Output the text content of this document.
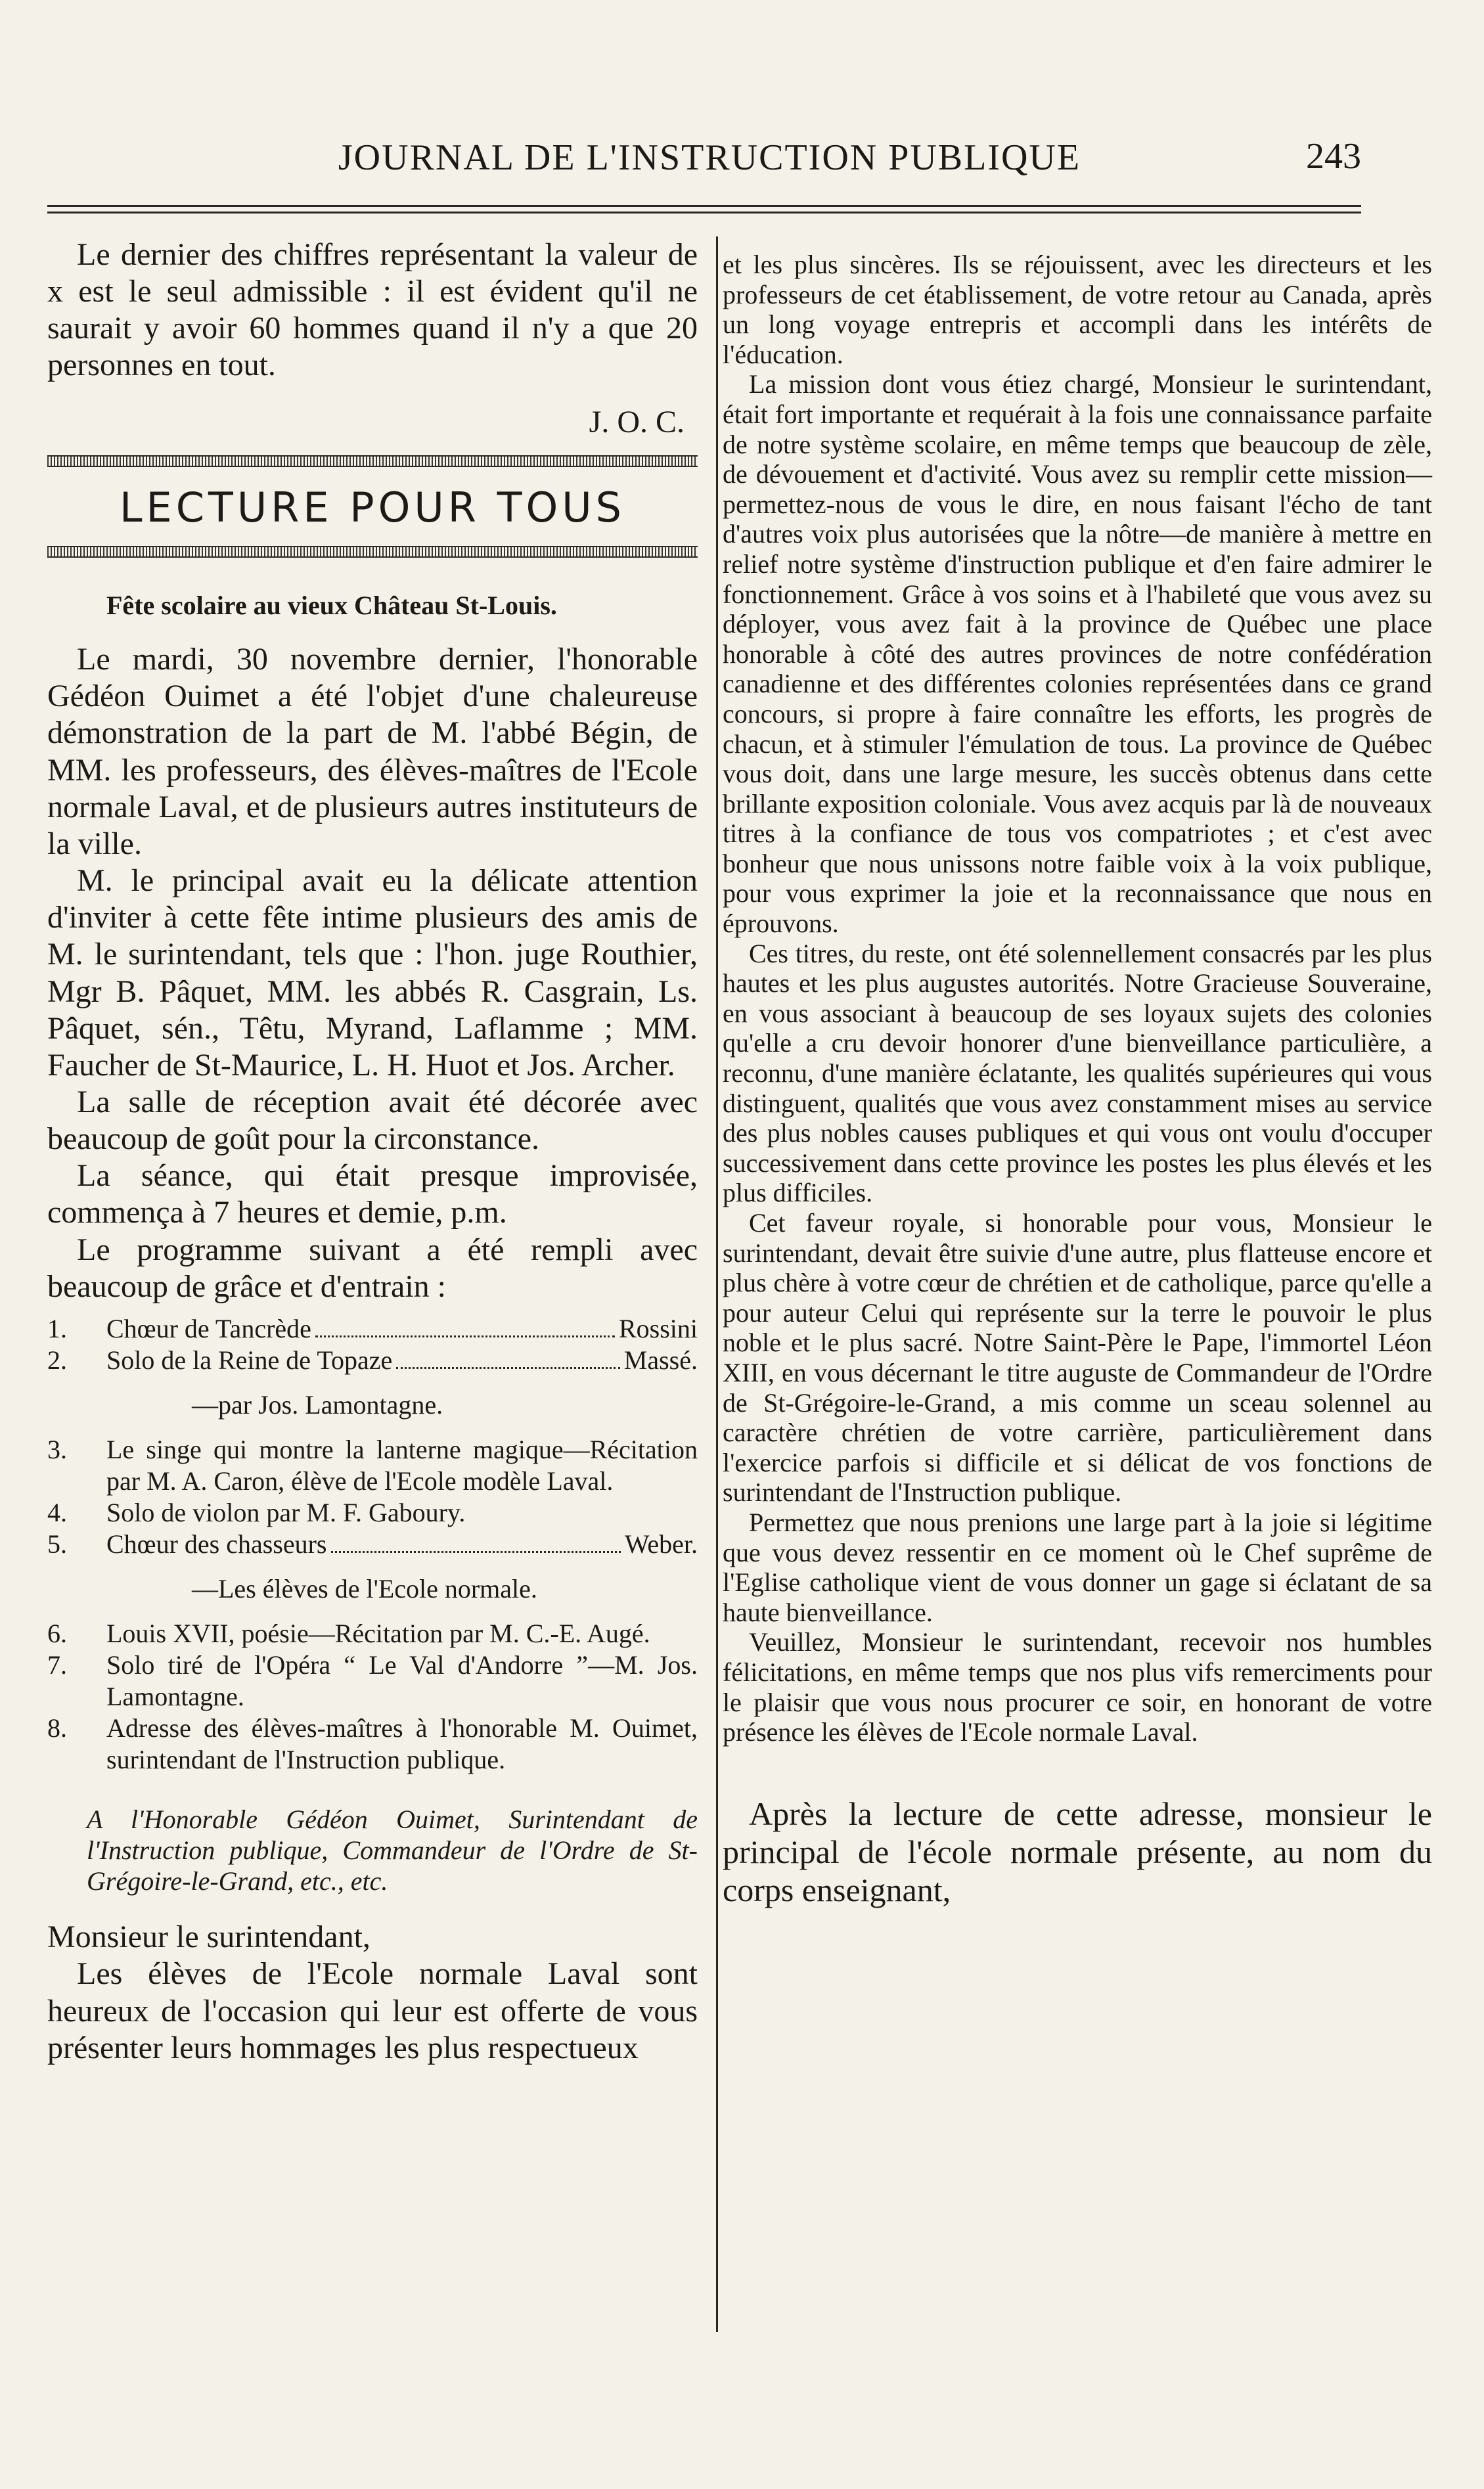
JOURNAL DE L'INSTRUCTION PUBLIQUE	243

Le dernier des chiffres représentant la valeur de x est le seul admissible : il est évident qu'il ne saurait y avoir 60 hommes quand il n'y a que 20 personnes en tout.

J. O. C.

LECTURE POUR TOUS
Fête scolaire au vieux Château St-Louis.

Le mardi, 30 novembre dernier, l'honorable Gédéon Ouimet a été l'objet d'une chaleureuse démonstration de la part de M. l'abbé Bégin, de MM. les professeurs, des élèves-maîtres de l'Ecole normale Laval, et de plusieurs autres instituteurs de la ville.

M. le principal avait eu la délicate attention d'inviter à cette fête intime plusieurs des amis de M. le surintendant, tels que : l'hon. juge Routhier, Mgr B. Pâquet, MM. les abbés R. Casgrain, Ls. Pâquet, sén., Têtu, Myrand, Laflamme ; MM. Faucher de St-Maurice, L. H. Huot et Jos. Archer.

La salle de réception avait été décorée avec beaucoup de goût pour la circonstance.

La séance, qui était presque improvisée, commença à 7 heures et demie, p.m.

Le programme suivant a été rempli avec beaucoup de grâce et d'entrain :

1. Chœur de Tancrède	Rossini
2. Solo de la Reine de Topaze	Massé.
—par Jos. Lamontagne.
3. Le singe qui montre la lanterne magique—Récitation par M. A. Caron, élève de l'Ecole modèle Laval.
4. Solo de violon par M. F. Gaboury.
5. Chœur des chasseurs	Weber.
—Les élèves de l'Ecole normale.
6. Louis XVII, poésie—Récitation par M. C.-E. Augé.
7. Solo tiré de l'Opéra “ Le Val d'Andorre ”—M. Jos. Lamontagne.
8. Adresse des élèves-maîtres à l'honorable M. Ouimet, surintendant de l'Instruction publique.
A l'Honorable Gédéon Ouimet, Surintendant de l'Instruction publique, Commandeur de l'Ordre de St-Grégoire-le-Grand, etc., etc.

Monsieur le surintendant,

Les élèves de l'Ecole normale Laval sont heureux de l'occasion qui leur est offerte de vous présenter leurs hommages les plus respectueux

et les plus sincères. Ils se réjouissent, avec les directeurs et les professeurs de cet établissement, de votre retour au Canada, après un long voyage entrepris et accompli dans les intérêts de l'éducation.

La mission dont vous étiez chargé, Monsieur le surintendant, était fort importante et requérait à la fois une connaissance parfaite de notre système scolaire, en même temps que beaucoup de zèle, de dévouement et d'activité. Vous avez su remplir cette mission—permettez-nous de vous le dire, en nous faisant l'écho de tant d'autres voix plus autorisées que la nôtre—de manière à mettre en relief notre système d'instruction publique et d'en faire admirer le fonctionnement. Grâce à vos soins et à l'habileté que vous avez su déployer, vous avez fait à la province de Québec une place honorable à côté des autres provinces de notre confédération canadienne et des différentes colonies représentées dans ce grand concours, si propre à faire connaître les efforts, les progrès de chacun, et à stimuler l'émulation de tous. La province de Québec vous doit, dans une large mesure, les succès obtenus dans cette brillante exposition coloniale. Vous avez acquis par là de nouveaux titres à la confiance de tous vos compatriotes ; et c'est avec bonheur que nous unissons notre faible voix à la voix publique, pour vous exprimer la joie et la reconnaissance que nous en éprouvons.

Ces titres, du reste, ont été solennellement consacrés par les plus hautes et les plus augustes autorités. Notre Gracieuse Souveraine, en vous associant à beaucoup de ses loyaux sujets des colonies qu'elle a cru devoir honorer d'une bienveillance particulière, a reconnu, d'une manière éclatante, les qualités supérieures qui vous distinguent, qualités que vous avez constamment mises au service des plus nobles causes publiques et qui vous ont voulu d'occuper successivement dans cette province les postes les plus élevés et les plus difficiles.

Cet faveur royale, si honorable pour vous, Monsieur le surintendant, devait être suivie d'une autre, plus flatteuse encore et plus chère à votre cœur de chrétien et de catholique, parce qu'elle a pour auteur Celui qui représente sur la terre le pouvoir le plus noble et le plus sacré. Notre Saint-Père le Pape, l'immortel Léon XIII, en vous décernant le titre auguste de Commandeur de l'Ordre de St-Grégoire-le-Grand, a mis comme un sceau solennel au caractère chrétien de votre carrière, particulièrement dans l'exercice parfois si difficile et si délicat de vos fonctions de surintendant de l'Instruction publique.

Permettez que nous prenions une large part à la joie si légitime que vous devez ressentir en ce moment où le Chef suprême de l'Eglise catholique vient de vous donner un gage si éclatant de sa haute bienveillance.

Veuillez, Monsieur le surintendant, recevoir nos humbles félicitations, en même temps que nos plus vifs remerciments pour le plaisir que vous nous procurer ce soir, en honorant de votre présence les élèves de l'Ecole normale Laval.

Après la lecture de cette adresse, monsieur le principal de l'école normale présente, au nom du corps enseignant,
